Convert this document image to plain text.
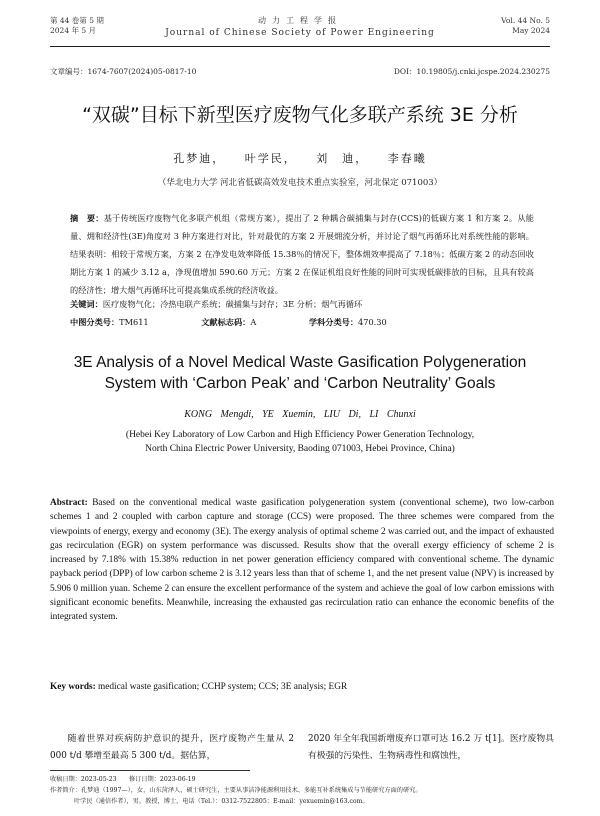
第 44 卷第 5 期
2024 年 5 月
动力工程学报
Journal of Chinese Society of Power Engineering
Vol. 44 No. 5
May 2024
文章编号：1674-7607(2024)05-0817-10	DOI：10.19805/j.cnki.jcspe.2024.230275
“双碳”目标下新型医疗废物气化多联产系统 3E 分析
孔梦迪， 叶学民， 刘　迪， 李春曦
（华北电力大学 河北省低碳高效发电技术重点实验室，河北保定 071003）
摘　要：基于传统医疗废物气化多联产机组（常规方案），提出了 2 种耦合碳捕集与封存(CCS)的低碳方案 1 和方案 2。从能量、㶲和经济性(3E)角度对 3 种方案进行对比，针对最优的方案 2 开展㶲流分析，并讨论了烟气再循环比对系统性能的影响。结果表明：相较于常规方案，方案 2 在净发电效率降低 15.38％的情况下，整体㶲效率提高了 7.18％；低碳方案 2 的动态回收期比方案 1 的减少 3.12 a，净现值增加 590.60 万元；方案 2 在保证机组良好性能的同时可实现低碳排放的目标，且具有较高的经济性；增大烟气再循环比可提高集成系统的经济收益。
关键词：医疗废物气化；冷热电联产系统；碳捕集与封存；3E 分析；烟气再循环
中图分类号：TM611	文献标志码：A	学科分类号：470.30
3E Analysis of a Novel Medical Waste Gasification Polygeneration
System with ‘Carbon Peak’ and ‘Carbon Neutrality’ Goals
KONG Mengdi, YE Xuemin, LIU Di, LI Chunxi
(Hebei Key Laboratory of Low Carbon and High Efficiency Power Generation Technology,
North China Electric Power University, Baoding 071003, Hebei Province, China)
Abstract: Based on the conventional medical waste gasification polygeneration system (conventional scheme), two low-carbon schemes 1 and 2 coupled with carbon capture and storage (CCS) were proposed. The three schemes were compared from the viewpoints of energy, exergy and economy (3E). The exergy analysis of optimal scheme 2 was carried out, and the impact of exhausted gas recirculation (EGR) on system performance was discussed. Results show that the overall exergy efficiency of scheme 2 is increased by 7.18% with 15.38% reduction in net power generation efficiency compared with conventional scheme. The dynamic payback period (DPP) of low carbon scheme 2 is 3.12 years less than that of scheme 1, and the net present value (NPV) is increased by 5.906 0 million yuan. Scheme 2 can ensure the excellent performance of the system and achieve the goal of low carbon emissions with significant economic benefits. Meanwhile, increasing the exhausted gas recirculation ratio can enhance the economic benefits of the integrated system.
Key words: medical waste gasification; CCHP system; CCS; 3E analysis; EGR
随着世界对疾病防护意识的提升，医疗废物产生量从 2 000 t/d 攀增至最高 5 300 t/d。据估算，
2020 年全年我国新增废弃口罩可达 16.2 万 t[1]。医疗废物具有极强的污染性、生物病毒性和腐蚀性，
收稿日期：2023-05-23　　修订日期：2023-06-19
作者简介：孔梦迪（1997—），女，山东菏泽人，硕士研究生，主要从事洁净能源利用技术、多能互补系统集成与节能研究方面的研究。
叶学民（通信作者），男，教授，博士，电话（Tel.）：0312-7522805；E-mail：yexuemin@163.com。
